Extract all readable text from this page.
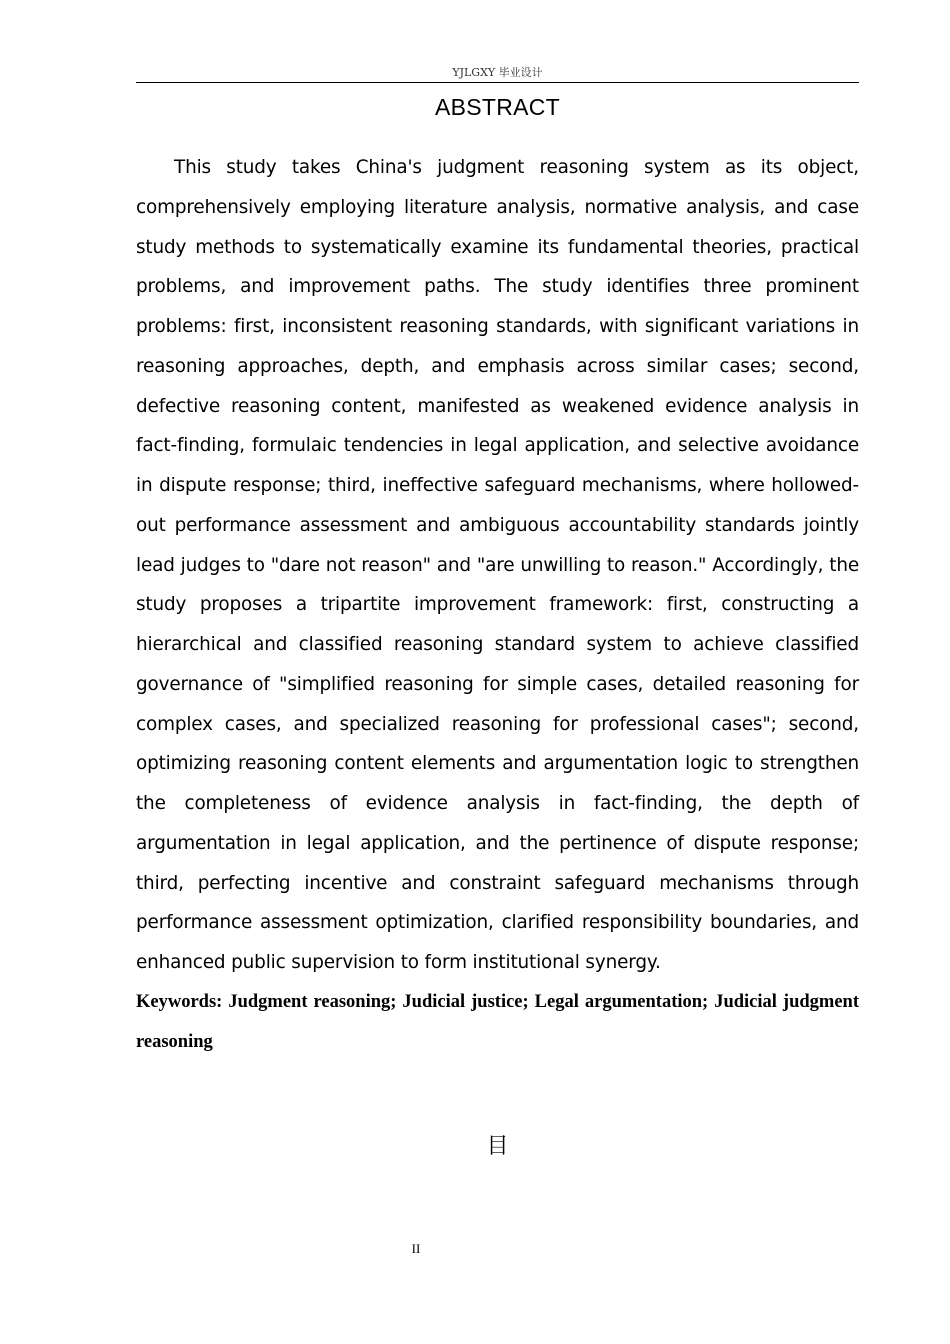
YJLGXY 毕业设计
ABSTRACT

This study takes China's judgment reasoning system as its object, comprehensively employing literature analysis, normative analysis, and case study methods to systematically examine its fundamental theories, practical problems, and improvement paths. The study identifies three prominent problems: first, inconsistent reasoning standards, with significant variations in reasoning approaches, depth, and emphasis across similar cases; second, defective reasoning content, manifested as weakened evidence analysis in fact-finding, formulaic tendencies in legal application, and selective avoidance in dispute response; third, ineffective safeguard mechanisms, where hollowed-out performance assessment and ambiguous accountability standards jointly lead judges to "dare not reason" and "are unwilling to reason." Accordingly, the study proposes a tripartite improvement framework: first, constructing a hierarchical and classified reasoning standard system to achieve classified governance of "simplified reasoning for simple cases, detailed reasoning for complex cases, and specialized reasoning for professional cases"; second, optimizing reasoning content elements and argumentation logic to strengthen the completeness of evidence analysis in fact-finding, the depth of argumentation in legal application, and the pertinence of dispute response; third, perfecting incentive and constraint safeguard mechanisms through performance assessment optimization, clarified responsibility boundaries, and enhanced public supervision to form institutional synergy.

Keywords: Judgment reasoning; Judicial justice; Legal argumentation; Judicial judgment reasoning

目
II
